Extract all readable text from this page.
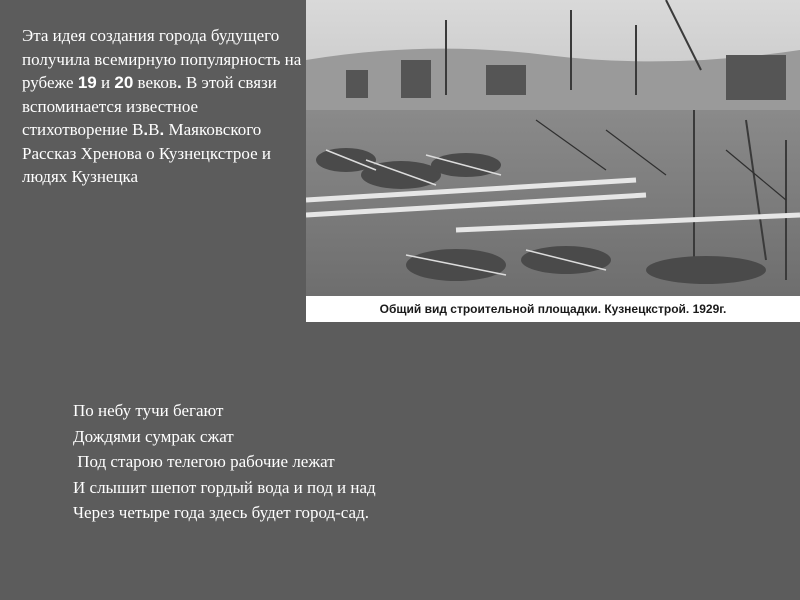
Эта идея создания города будущего получила всемирную популярность на рубеже 19 и 20 веков. В этой связи вспоминается известное стихотворение В.В. Маяковского Рассказ Хренова о Кузнецкстрое и людях Кузнецка
Общий вид строительной площадки. Кузнецкстрой. 1929г.
По небу тучи бегают
Дождями сумрак сжат
Под старою телегою рабочие лежат
И слышит шепот гордый вода и под и над
Через четыре года здесь будет город-сад.
